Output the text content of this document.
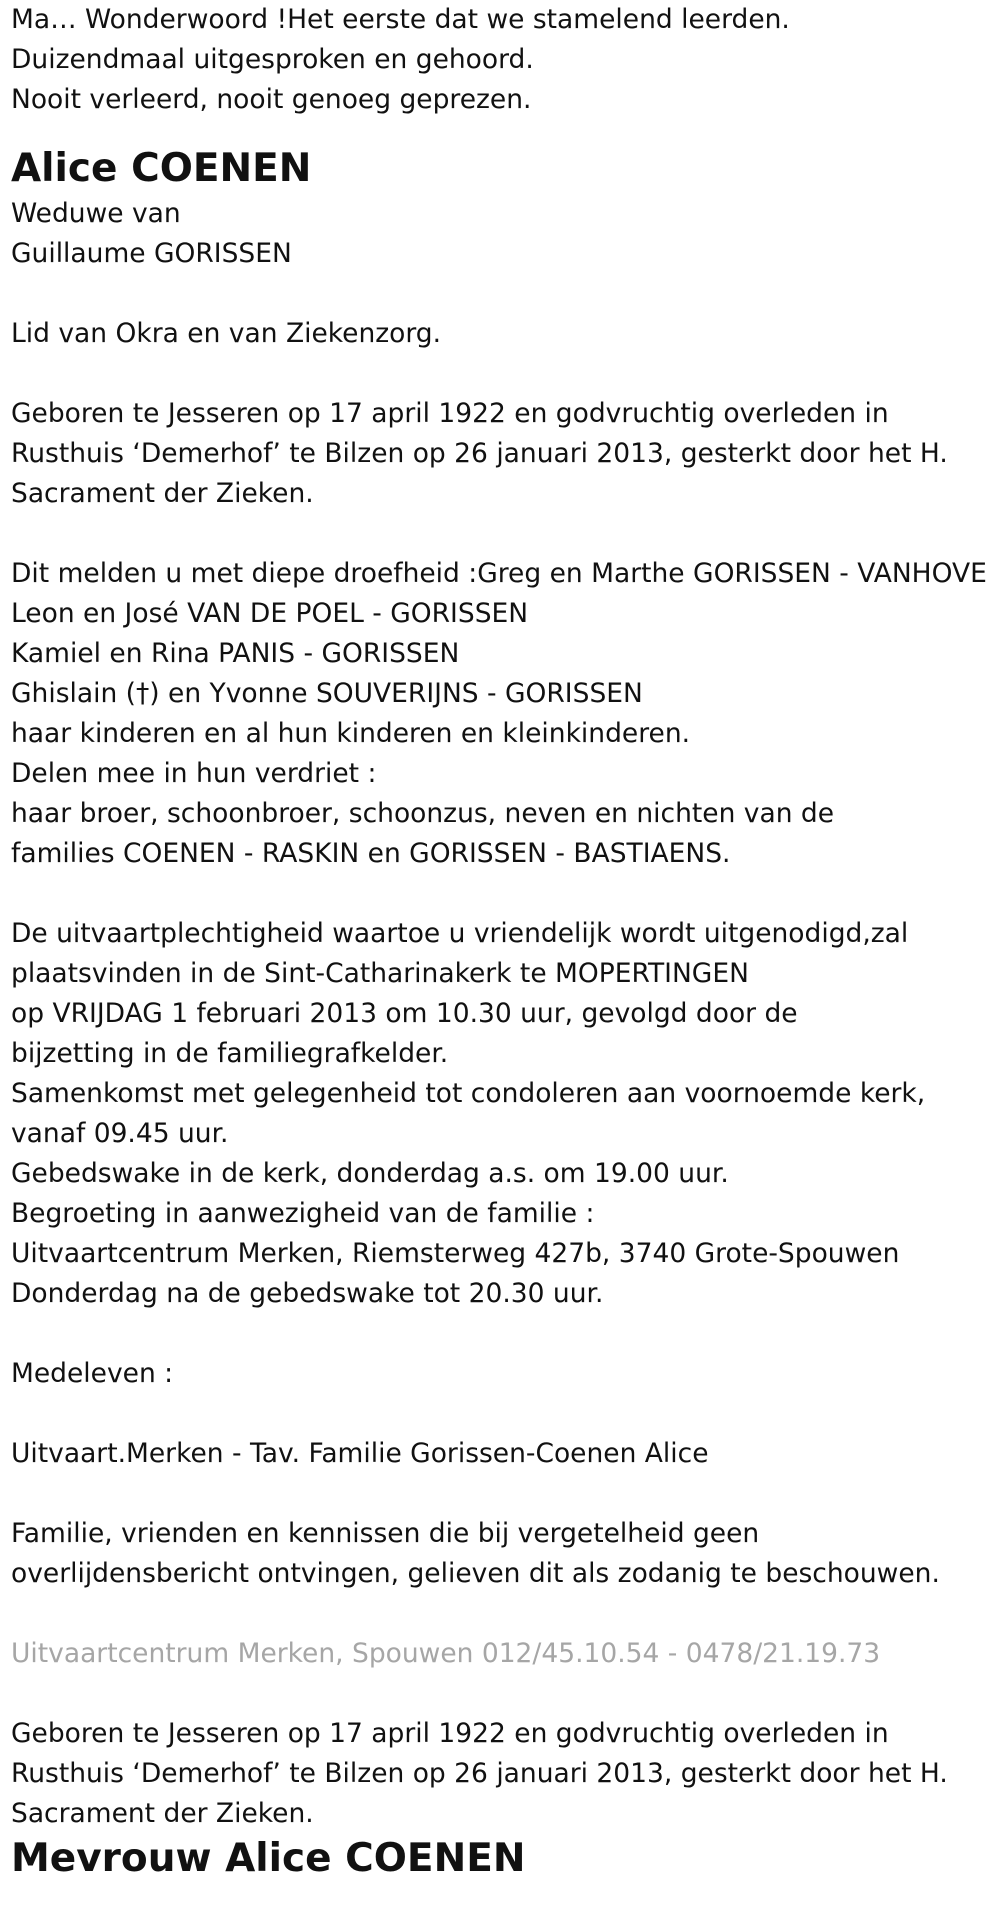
Ma… Wonderwoord !Het eerste dat we stamelend leerden.
Duizendmaal uitgesproken en gehoord.
Nooit verleerd, nooit genoeg geprezen.
Alice COENEN
Weduwe van
Guillaume GORISSEN
Lid van Okra en van Ziekenzorg.
Geboren te Jesseren op 17 april 1922 en godvruchtig overleden in
Rusthuis ‘Demerhof’ te Bilzen op 26 januari 2013, gesterkt door het H.
Sacrament der Zieken.
Dit melden u met diepe droefheid :Greg en Marthe GORISSEN - VANHOVE
Leon en José VAN DE POEL - GORISSEN
Kamiel en Rina PANIS - GORISSEN
Ghislain (†) en Yvonne SOUVERIJNS - GORISSEN
haar kinderen en al hun kinderen en kleinkinderen.
Delen mee in hun verdriet :
haar broer, schoonbroer, schoonzus, neven en nichten van de
families COENEN - RASKIN en GORISSEN - BASTIAENS.
De uitvaartplechtigheid waartoe u vriendelijk wordt uitgenodigd,zal
plaatsvinden in de Sint-Catharinakerk te MOPERTINGEN
op VRIJDAG 1 februari 2013 om 10.30 uur, gevolgd door de
bijzetting in de familiegrafkelder.
Samenkomst met gelegenheid tot condoleren aan voornoemde kerk,
vanaf 09.45 uur.
Gebedswake in de kerk, donderdag a.s. om 19.00 uur.
Begroeting in aanwezigheid van de familie :
Uitvaartcentrum Merken, Riemsterweg 427b, 3740 Grote-Spouwen
Donderdag na de gebedswake tot 20.30 uur.
Medeleven :
Uitvaart.Merken - Tav. Familie Gorissen-Coenen Alice
Familie, vrienden en kennissen die bij vergetelheid geen
overlijdensbericht ontvingen, gelieven dit als zodanig te beschouwen.
Uitvaartcentrum Merken, Spouwen 012/45.10.54 - 0478/21.19.73
Geboren te Jesseren op 17 april 1922 en godvruchtig overleden in
Rusthuis ‘Demerhof’ te Bilzen op 26 januari 2013, gesterkt door het H.
Sacrament der Zieken.
Mevrouw Alice COENEN
